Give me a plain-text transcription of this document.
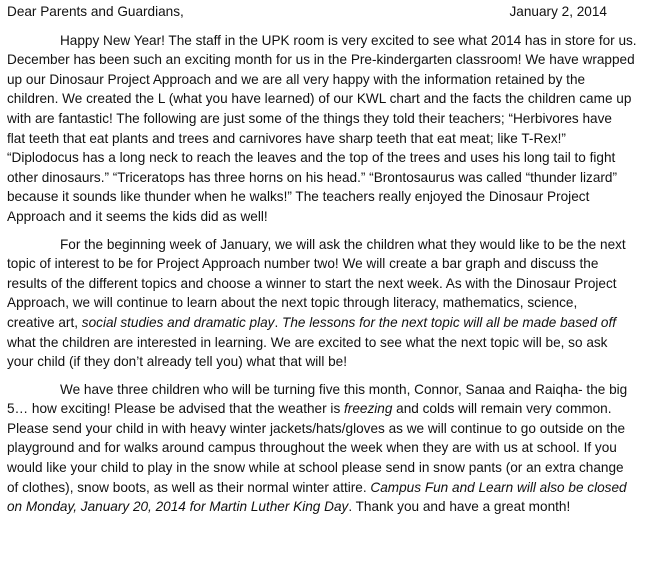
Dear Parents and Guardians,	January 2, 2014
Happy New Year! The staff in the UPK room is very excited to see what 2014 has in store for us.
December has been such an exciting month for us in the Pre-kindergarten classroom! We have wrapped
up our Dinosaur Project Approach and we are all very happy with the information retained by the
children. We created the L (what you have learned) of our KWL chart and the facts the children came up
with are fantastic! The following are just some of the things they told their teachers; “Herbivores have
flat teeth that eat plants and trees and carnivores have sharp teeth that eat meat; like T-Rex!”
“Diplodocus has a long neck to reach the leaves and the top of the trees and uses his long tail to fight
other dinosaurs.” “Triceratops has three horns on his head.” “Brontosaurus was called “thunder lizard”
because it sounds like thunder when he walks!” The teachers really enjoyed the Dinosaur Project
Approach and it seems the kids did as well!
For the beginning week of January, we will ask the children what they would like to be the next
topic of interest to be for Project Approach number two! We will create a bar graph and discuss the
results of the different topics and choose a winner to start the next week. As with the Dinosaur Project
Approach, we will continue to learn about the next topic through literacy, mathematics, science,
creative art, social studies and dramatic play. The lessons for the next topic will all be made based off
what the children are interested in learning. We are excited to see what the next topic will be, so ask
your child (if they don’t already tell you) what that will be!
We have three children who will be turning five this month, Connor, Sanaa and Raiqha- the big
5… how exciting! Please be advised that the weather is freezing and colds will remain very common.
Please send your child in with heavy winter jackets/hats/gloves as we will continue to go outside on the
playground and for walks around campus throughout the week when they are with us at school. If you
would like your child to play in the snow while at school please send in snow pants (or an extra change
of clothes), snow boots, as well as their normal winter attire. Campus Fun and Learn will also be closed
on Monday, January 20, 2014 for Martin Luther King Day. Thank you and have a great month!
